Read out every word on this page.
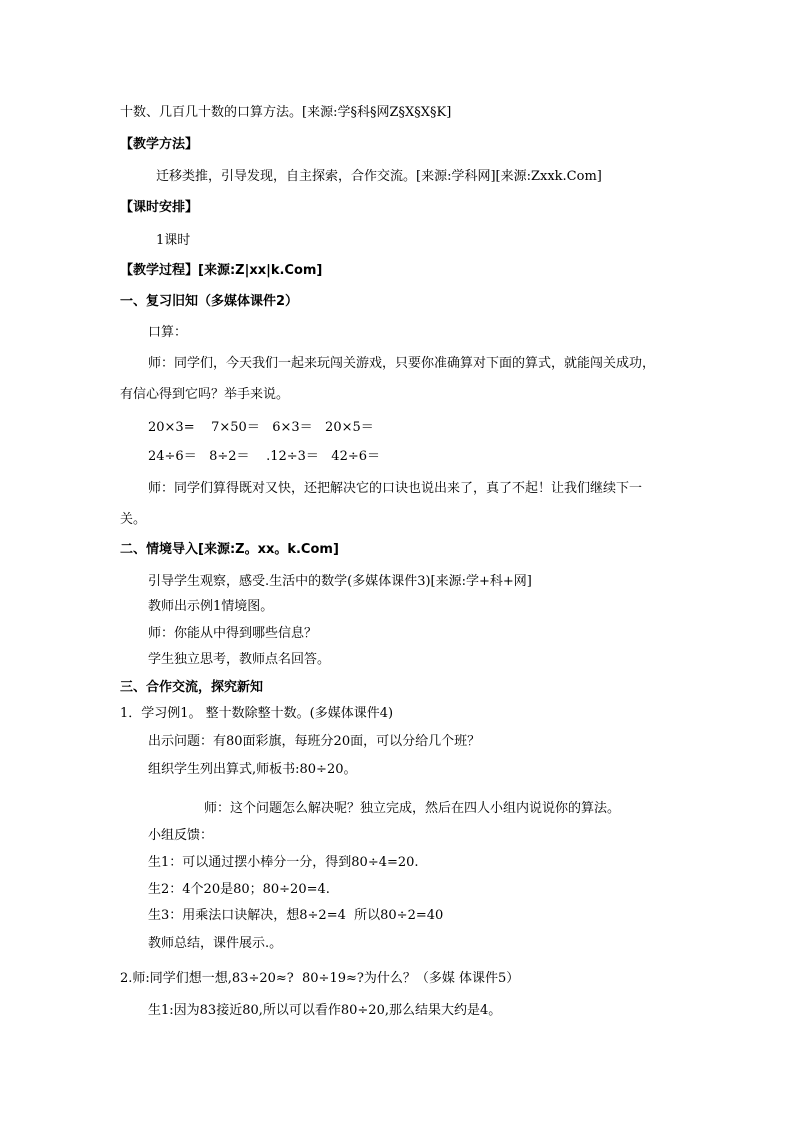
十数、几百几十数的口算方法。[来源:学§科§网Z§X§X§K]
【教学方法】
迁移类推，引导发现，自主探索，合作交流。[来源:学科网][来源:Zxxk.Com]
【课时安排】
1课时
【教学过程】[来源:Z|xx|k.Com]
一、复习旧知（多媒体课件2）
口算：
师：同学们，今天我们一起来玩闯关游戏，只要你准确算对下面的算式，就能闯关成功，
有信心得到它吗？举手来说。
20×3=    7×50＝   6×3＝   20×5＝
24÷6＝   8÷2＝    .12÷3＝   42÷6＝
师：同学们算得既对又快，还把解决它的口诀也说出来了，真了不起！让我们继续下一
关。
二、情境导入[来源:Z。xx。k.Com]
引导学生观察，感受.生活中的数学(多媒体课件3)[来源:学+科+网]
教师出示例1情境图。
师：你能从中得到哪些信息？
学生独立思考，教师点名回答。
三、合作交流，探究新知
1．学习例1。 整十数除整十数。(多媒体课件4)
出示问题：有80面彩旗，每班分20面，可以分给几个班？
组织学生列出算式,师板书:80÷20。
师：这个问题怎么解决呢？独立完成，然后在四人小组内说说你的算法。
小组反馈：
生1：可以通过摆小棒分一分，得到80÷4=20.
生2：4个20是80；80÷20=4.
生3：用乘法口诀解决，想8÷2=4  所以80÷2=40
教师总结，课件展示.。
2.师:同学们想一想,83÷20≈?  80÷19≈?为什么？（多媒 体课件5）
生1:因为83接近80,所以可以看作80÷20,那么结果大约是4。
